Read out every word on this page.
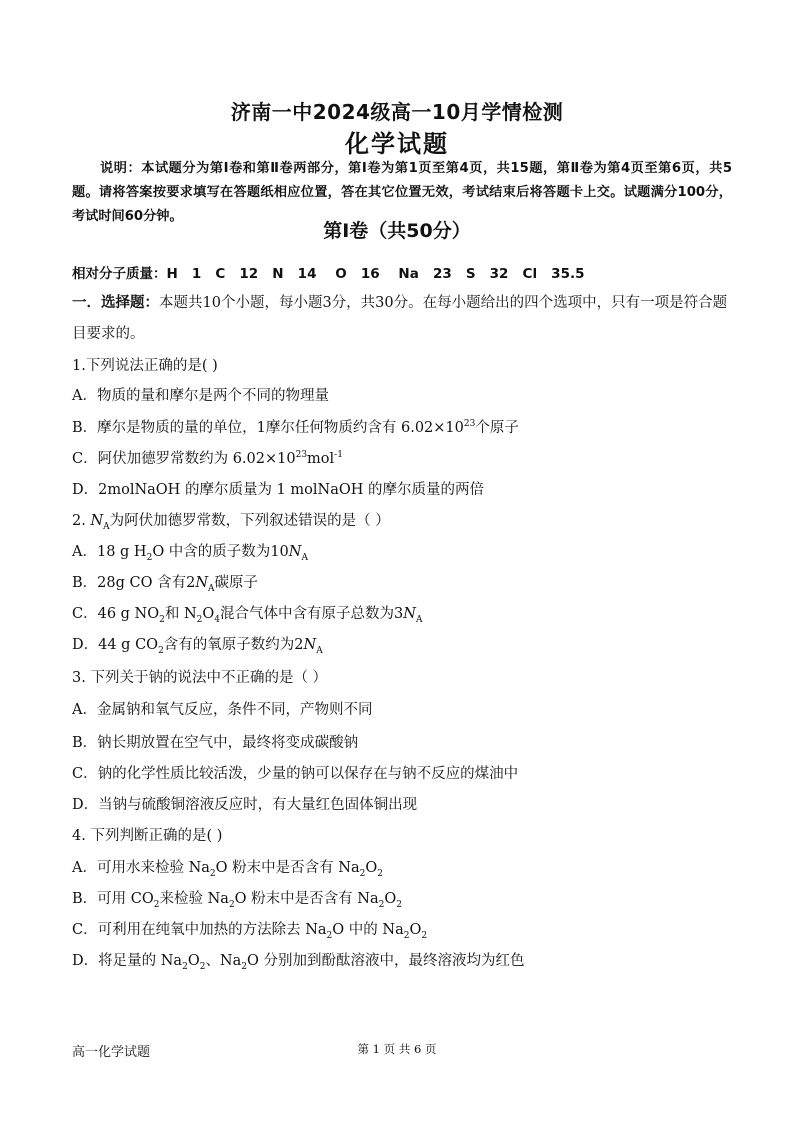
济南一中2024级高一10月学情检测
化学试题
说明：本试题分为第Ⅰ卷和第Ⅱ卷两部分，第Ⅰ卷为第1页至第4页，共15题，第Ⅱ卷为第4页至第6页，共5题。请将答案按要求填写在答题纸相应位置，答在其它位置无效，考试结束后将答题卡上交。试题满分100分，考试时间60分钟。
第Ⅰ卷（共50分）
相对分子质量：H   1   C   12   N   14    O   16    Na   23   S   32   Cl   35.5
一．选择题：本题共10个小题，每小题3分，共30分。在每小题给出的四个选项中，只有一项是符合题目要求的。
1.下列说法正确的是( )
A．物质的量和摩尔是两个不同的物理量
B．摩尔是物质的量的单位，1摩尔任何物质约含有 $6.02\times 10^{23}$个原子
C．阿伏加德罗常数约为 $6.02\times 10^{23}mol^{-1}$
D．2molNaOH 的摩尔质量为 1 molNaOH 的摩尔质量的两倍
2. $N_A$为阿伏加德罗常数，下列叙述错误的是（ ）
A．18 g $H_2O$ 中含的质子数为$10N_A$
B．28g CO 含有$2N_A$碳原子
C．46 g $NO_2$和 $N_2O_4$混合气体中含有原子总数为$3N_A$
D．44 g $CO_2$含有的氧原子数约为$2N_A$
3. 下列关于钠的说法中不正确的是（ ）
A．金属钠和氧气反应，条件不同，产物则不同
B．钠长期放置在空气中，最终将变成碳酸钠
C．钠的化学性质比较活泼，少量的钠可以保存在与钠不反应的煤油中
D．当钠与硫酸铜溶液反应时，有大量红色固体铜出现
4. 下列判断正确的是( )
A．可用水来检验 $Na_2O$ 粉末中是否含有 $Na_2O_2$
B．可用 $CO_2$来检验 $Na_2O$ 粉末中是否含有 $Na_2O_2$
C．可利用在纯氧中加热的方法除去 $Na_2O$ 中的 $Na_2O_2$
D．将足量的 $Na_2O_2$、$Na_2O$ 分别加到酚酞溶液中，最终溶液均为红色
高一化学试题	第 1 页 共 6 页
